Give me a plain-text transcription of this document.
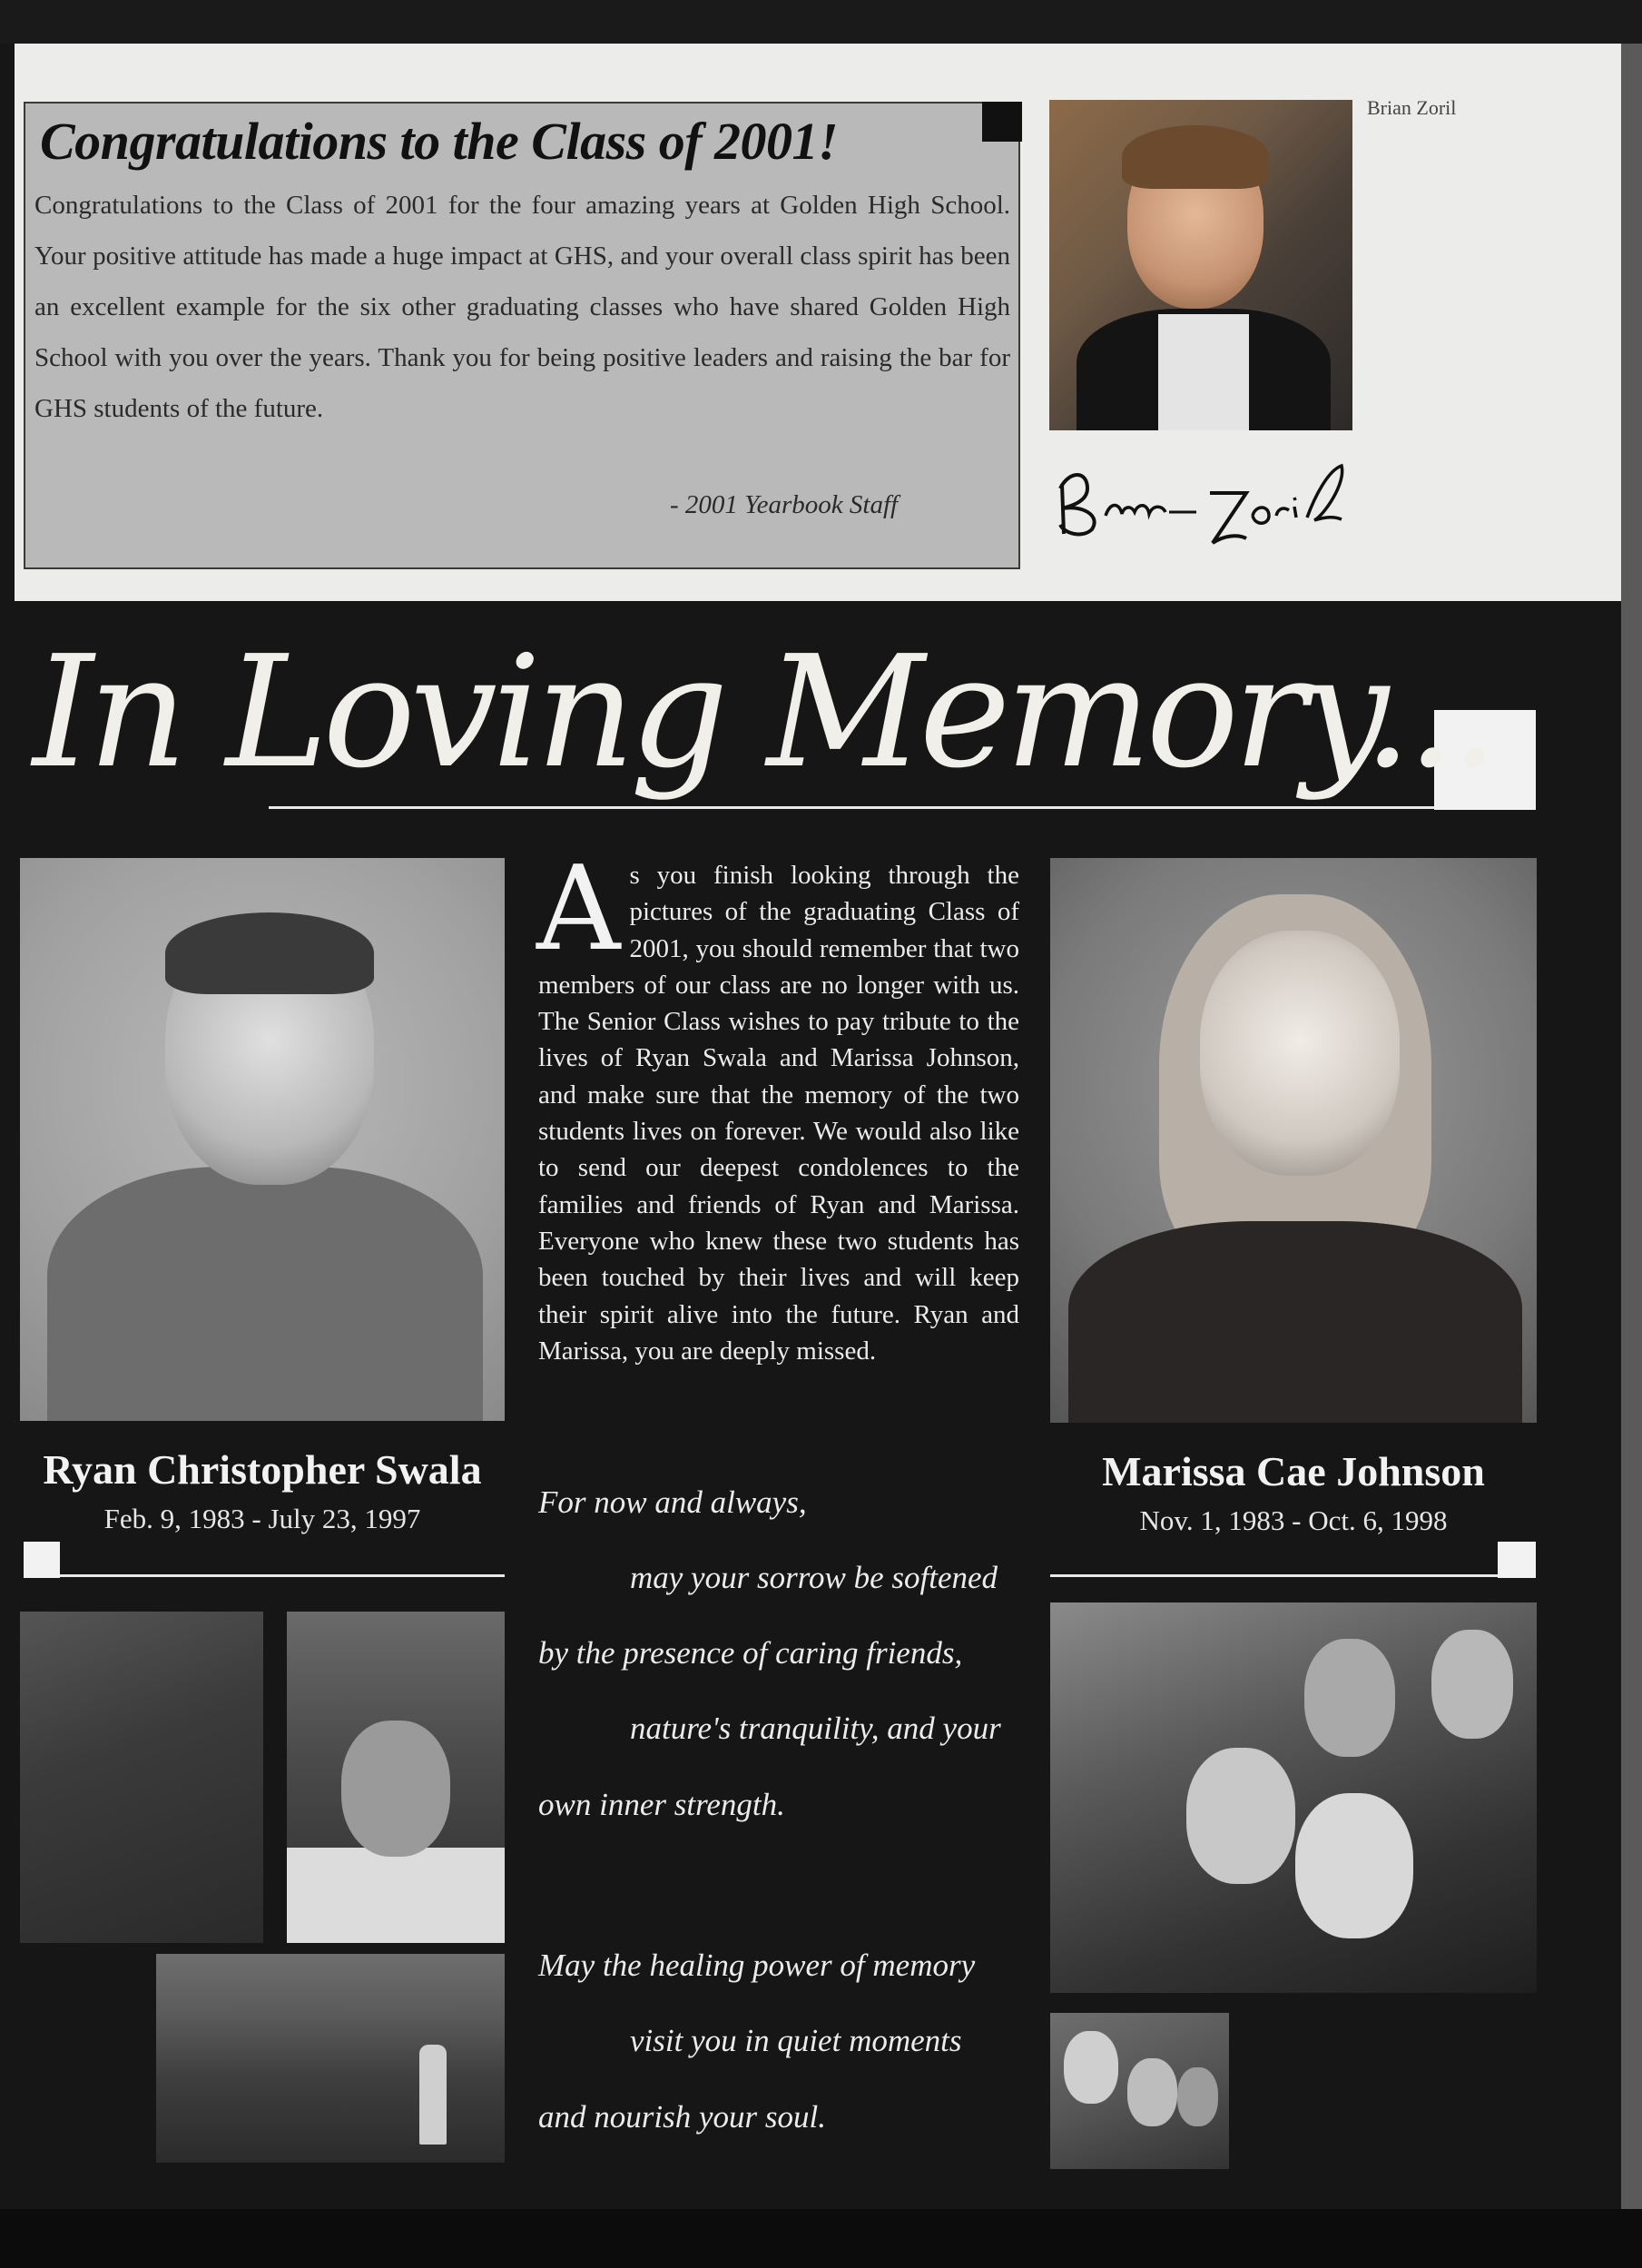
Congratulations to the Class of 2001!

Congratulations to the Class of 2001 for the four amazing years at Golden High School. Your positive attitude has made a huge impact at GHS, and your overall class spirit has been an excellent example for the six other graduating classes who have shared Golden High School with you over the years. Thank you for being positive leaders and raising the bar for GHS students of the future.

- 2001 Yearbook Staff
Brian Zoril
In Loving Memory...

As you finish looking through the pictures of the graduating Class of 2001, you should remember that two members of our class are no longer with us. The Senior Class wishes to pay tribute to the lives of Ryan Swala and Marissa Johnson, and make sure that the memory of the two students lives on forever. We would also like to send our deepest condolences to the families and friends of Ryan and Marissa. Everyone who knew these two students has been touched by their lives and will keep their spirit alive into the future. Ryan and Marissa, you are deeply missed.

Ryan Christopher Swala
Feb. 9, 1983 - July 23, 1997
Marissa Cae Johnson
Nov. 1, 1983 - Oct. 6, 1998

For now and always,

may your sorrow be softened

by the presence of caring friends,

nature's tranquility, and your

own inner strength.

May the healing power of memory

visit you in quiet moments

and nourish your soul.
